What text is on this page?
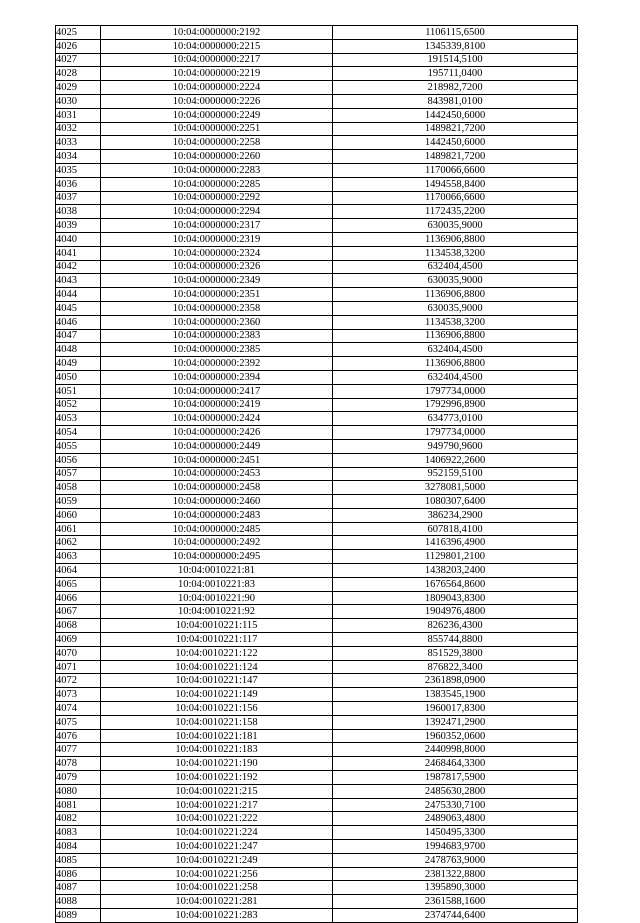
4025	10:04:0000000:2192	1106115,6500
4026	10:04:0000000:2215	1345339,8100
4027	10:04:0000000:2217	191514,5100
4028	10:04:0000000:2219	195711,0400
4029	10:04:0000000:2224	218982,7200
4030	10:04:0000000:2226	843981,0100
4031	10:04:0000000:2249	1442450,6000
4032	10:04:0000000:2251	1489821,7200
4033	10:04:0000000:2258	1442450,6000
4034	10:04:0000000:2260	1489821,7200
4035	10:04:0000000:2283	1170066,6600
4036	10:04:0000000:2285	1494558,8400
4037	10:04:0000000:2292	1170066,6600
4038	10:04:0000000:2294	1172435,2200
4039	10:04:0000000:2317	630035,9000
4040	10:04:0000000:2319	1136906,8800
4041	10:04:0000000:2324	1134538,3200
4042	10:04:0000000:2326	632404,4500
4043	10:04:0000000:2349	630035,9000
4044	10:04:0000000:2351	1136906,8800
4045	10:04:0000000:2358	630035,9000
4046	10:04:0000000:2360	1134538,3200
4047	10:04:0000000:2383	1136906,8800
4048	10:04:0000000:2385	632404,4500
4049	10:04:0000000:2392	1136906,8800
4050	10:04:0000000:2394	632404,4500
4051	10:04:0000000:2417	1797734,0000
4052	10:04:0000000:2419	1792996,8900
4053	10:04:0000000:2424	634773,0100
4054	10:04:0000000:2426	1797734,0000
4055	10:04:0000000:2449	949790,9600
4056	10:04:0000000:2451	1406922,2600
4057	10:04:0000000:2453	952159,5100
4058	10:04:0000000:2458	3278081,5000
4059	10:04:0000000:2460	1080307,6400
4060	10:04:0000000:2483	386234,2900
4061	10:04:0000000:2485	607818,4100
4062	10:04:0000000:2492	1416396,4900
4063	10:04:0000000:2495	1129801,2100
4064	10:04:0010221:81	1438203,2400
4065	10:04:0010221:83	1676564,8600
4066	10:04:0010221:90	1809043,8300
4067	10:04:0010221:92	1904976,4800
4068	10:04:0010221:115	826236,4300
4069	10:04:0010221:117	855744,8800
4070	10:04:0010221:122	851529,3800
4071	10:04:0010221:124	876822,3400
4072	10:04:0010221:147	2361898,0900
4073	10:04:0010221:149	1383545,1900
4074	10:04:0010221:156	1960017,8300
4075	10:04:0010221:158	1392471,2900
4076	10:04:0010221:181	1960352,0600
4077	10:04:0010221:183	2440998,8000
4078	10:04:0010221:190	2468464,3300
4079	10:04:0010221:192	1987817,5900
4080	10:04:0010221:215	2485630,2800
4081	10:04:0010221:217	2475330,7100
4082	10:04:0010221:222	2489063,4800
4083	10:04:0010221:224	1450495,3300
4084	10:04:0010221:247	1994683,9700
4085	10:04:0010221:249	2478763,9000
4086	10:04:0010221:256	2381322,8800
4087	10:04:0010221:258	1395890,3000
4088	10:04:0010221:281	2361588,1600
4089	10:04:0010221:283	2374744,6400
